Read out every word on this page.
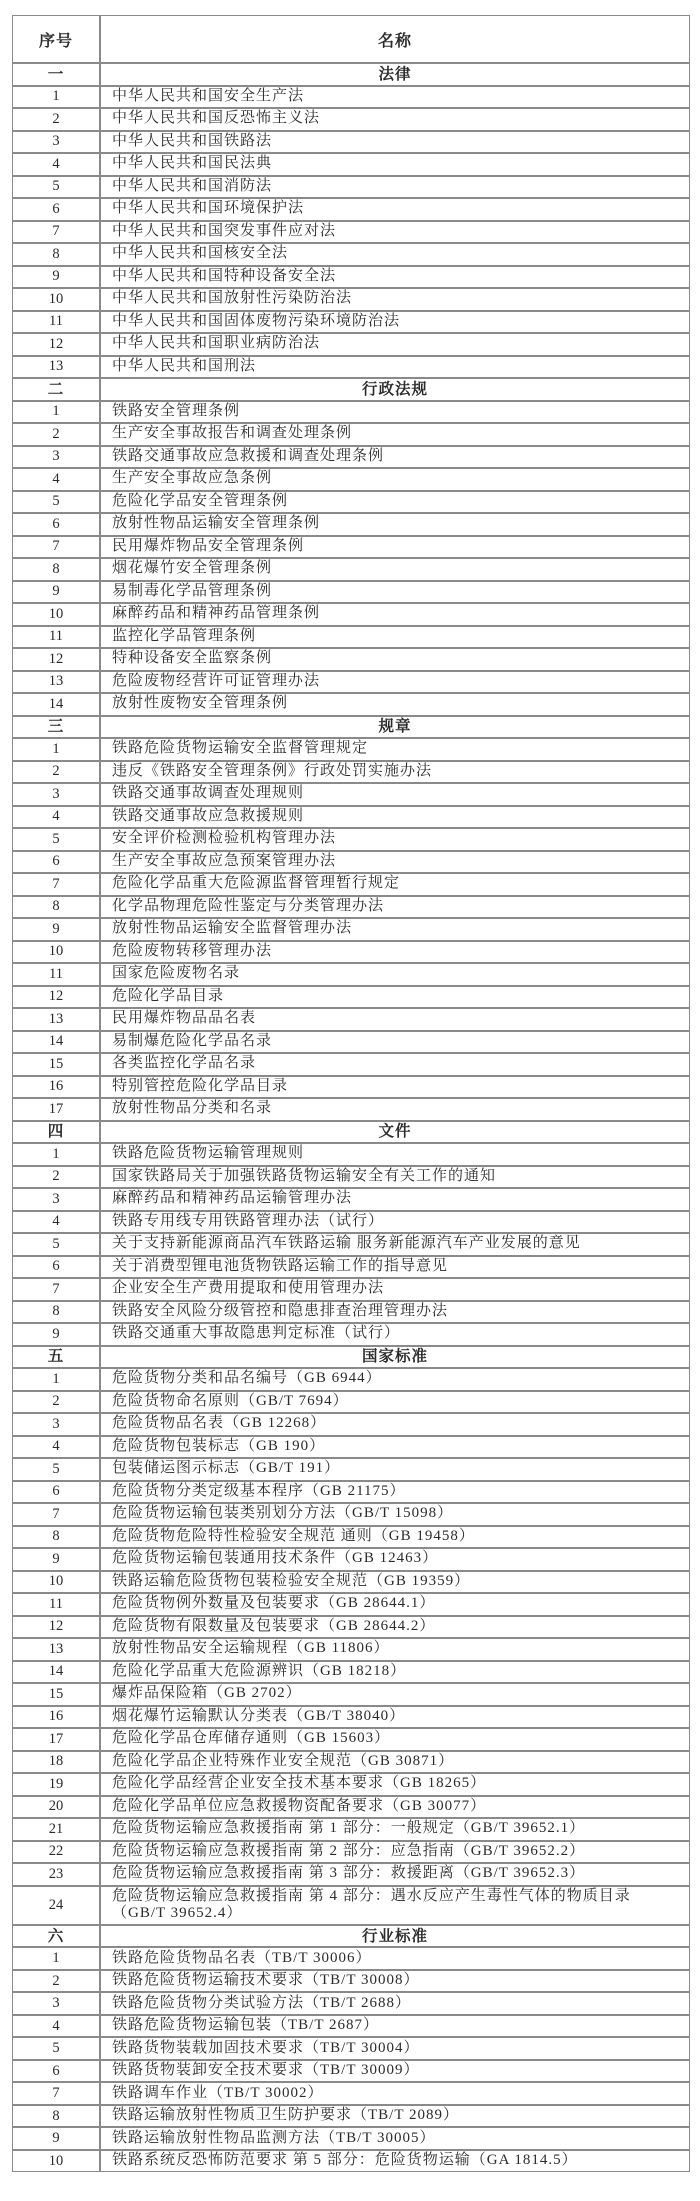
序号	名称
一	法律
1	中华人民共和国安全生产法
2	中华人民共和国反恐怖主义法
3	中华人民共和国铁路法
4	中华人民共和国民法典
5	中华人民共和国消防法
6	中华人民共和国环境保护法
7	中华人民共和国突发事件应对法
8	中华人民共和国核安全法
9	中华人民共和国特种设备安全法
10	中华人民共和国放射性污染防治法
11	中华人民共和国固体废物污染环境防治法
12	中华人民共和国职业病防治法
13	中华人民共和国刑法
二	行政法规
1	铁路安全管理条例
2	生产安全事故报告和调查处理条例
3	铁路交通事故应急救援和调查处理条例
4	生产安全事故应急条例
5	危险化学品安全管理条例
6	放射性物品运输安全管理条例
7	民用爆炸物品安全管理条例
8	烟花爆竹安全管理条例
9	易制毒化学品管理条例
10	麻醉药品和精神药品管理条例
11	监控化学品管理条例
12	特种设备安全监察条例
13	危险废物经营许可证管理办法
14	放射性废物安全管理条例
三	规章
1	铁路危险货物运输安全监督管理规定
2	违反《铁路安全管理条例》行政处罚实施办法
3	铁路交通事故调查处理规则
4	铁路交通事故应急救援规则
5	安全评价检测检验机构管理办法
6	生产安全事故应急预案管理办法
7	危险化学品重大危险源监督管理暂行规定
8	化学品物理危险性鉴定与分类管理办法
9	放射性物品运输安全监督管理办法
10	危险废物转移管理办法
11	国家危险废物名录
12	危险化学品目录
13	民用爆炸物品品名表
14	易制爆危险化学品名录
15	各类监控化学品名录
16	特别管控危险化学品目录
17	放射性物品分类和名录
四	文件
1	铁路危险货物运输管理规则
2	国家铁路局关于加强铁路货物运输安全有关工作的通知
3	麻醉药品和精神药品运输管理办法
4	铁路专用线专用铁路管理办法（试行）
5	关于支持新能源商品汽车铁路运输 服务新能源汽车产业发展的意见
6	关于消费型锂电池货物铁路运输工作的指导意见
7	企业安全生产费用提取和使用管理办法
8	铁路安全风险分级管控和隐患排查治理管理办法
9	铁路交通重大事故隐患判定标准（试行）
五	国家标准
1	危险货物分类和品名编号（GB 6944）
2	危险货物命名原则（GB/T 7694）
3	危险货物品名表（GB 12268）
4	危险货物包装标志（GB 190）
5	包装储运图示标志（GB/T 191）
6	危险货物分类定级基本程序（GB 21175）
7	危险货物运输包装类别划分方法（GB/T 15098）
8	危险货物危险特性检验安全规范 通则（GB 19458）
9	危险货物运输包装通用技术条件（GB 12463）
10	铁路运输危险货物包装检验安全规范（GB 19359）
11	危险货物例外数量及包装要求（GB 28644.1）
12	危险货物有限数量及包装要求（GB 28644.2）
13	放射性物品安全运输规程（GB 11806）
14	危险化学品重大危险源辨识（GB 18218）
15	爆炸品保险箱（GB 2702）
16	烟花爆竹运输默认分类表（GB/T 38040）
17	危险化学品仓库储存通则（GB 15603）
18	危险化学品企业特殊作业安全规范（GB 30871）
19	危险化学品经营企业安全技术基本要求（GB 18265）
20	危险化学品单位应急救援物资配备要求（GB 30077）
21	危险货物运输应急救援指南 第 1 部分：一般规定（GB/T 39652.1）
22	危险货物运输应急救援指南 第 2 部分：应急指南（GB/T 39652.2）
23	危险货物运输应急救援指南 第 3 部分：救援距离（GB/T 39652.3）
24	危险货物运输应急救援指南 第 4 部分：遇水反应产生毒性气体的物质目录 （GB/T 39652.4）
六	行业标准
1	铁路危险货物品名表（TB/T 30006）
2	铁路危险货物运输技术要求（TB/T 30008）
3	铁路危险货物分类试验方法（TB/T 2688）
4	铁路危险货物运输包装（TB/T 2687）
5	铁路货物装载加固技术要求（TB/T 30004）
6	铁路货物装卸安全技术要求（TB/T 30009）
7	铁路调车作业（TB/T 30002）
8	铁路运输放射性物质卫生防护要求（TB/T 2089）
9	铁路运输放射性物品监测方法（TB/T 30005）
10	铁路系统反恐怖防范要求 第 5 部分：危险货物运输（GA 1814.5）
